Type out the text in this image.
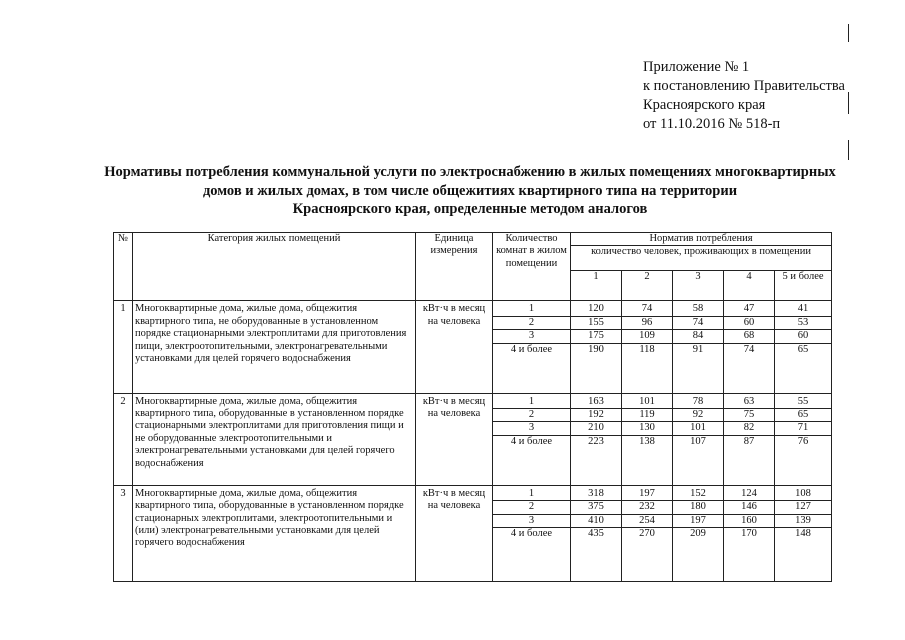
Приложение № 1
к постановлению Правительства
Красноярского края
от 11.10.2016 № 518-п
Нормативы потребления коммунальной услуги по электроснабжению в жилых помещениях многоквартирных
домов и жилых домах, в том числе общежитиях квартирного типа на территории
Красноярского края, определенные методом аналогов
№	Категория жилых помещений	Единица измерения	Количество комнат в жилом помещении	Норматив потребления				
				количество человек, проживающих в помещении				
				1	2	3	4	5 и более
1	Многоквартирные дома, жилые дома, общежития квартирного типа, не оборудованные в установленном порядке стационарными электроплитами для приготовления пищи, электроотопительными, электронагревательными установками для целей горячего водоснабжения	кВт·ч в месяц на человека	1	120	74	58	47	41
			2	155	96	74	60	53
			3	175	109	84	68	60
			4 и более	190	118	91	74	65
2	Многоквартирные дома, жилые дома, общежития квартирного типа, оборудованные в установленном порядке стационарными электроплитами для приготовления пищи и не оборудованные электроотопительными и электронагревательными установками для целей горячего водоснабжения	кВт·ч в месяц на человека	1	163	101	78	63	55
			2	192	119	92	75	65
			3	210	130	101	82	71
			4 и более	223	138	107	87	76
3	Многоквартирные дома, жилые дома, общежития квартирного типа, оборудованные в установленном порядке стационарных электроплитами, электроотопительными и (или) электронагревательными установками для целей горячего водоснабжения	кВт·ч в месяц на человека	1	318	197	152	124	108
			2	375	232	180	146	127
			3	410	254	197	160	139
			4 и более	435	270	209	170	148
